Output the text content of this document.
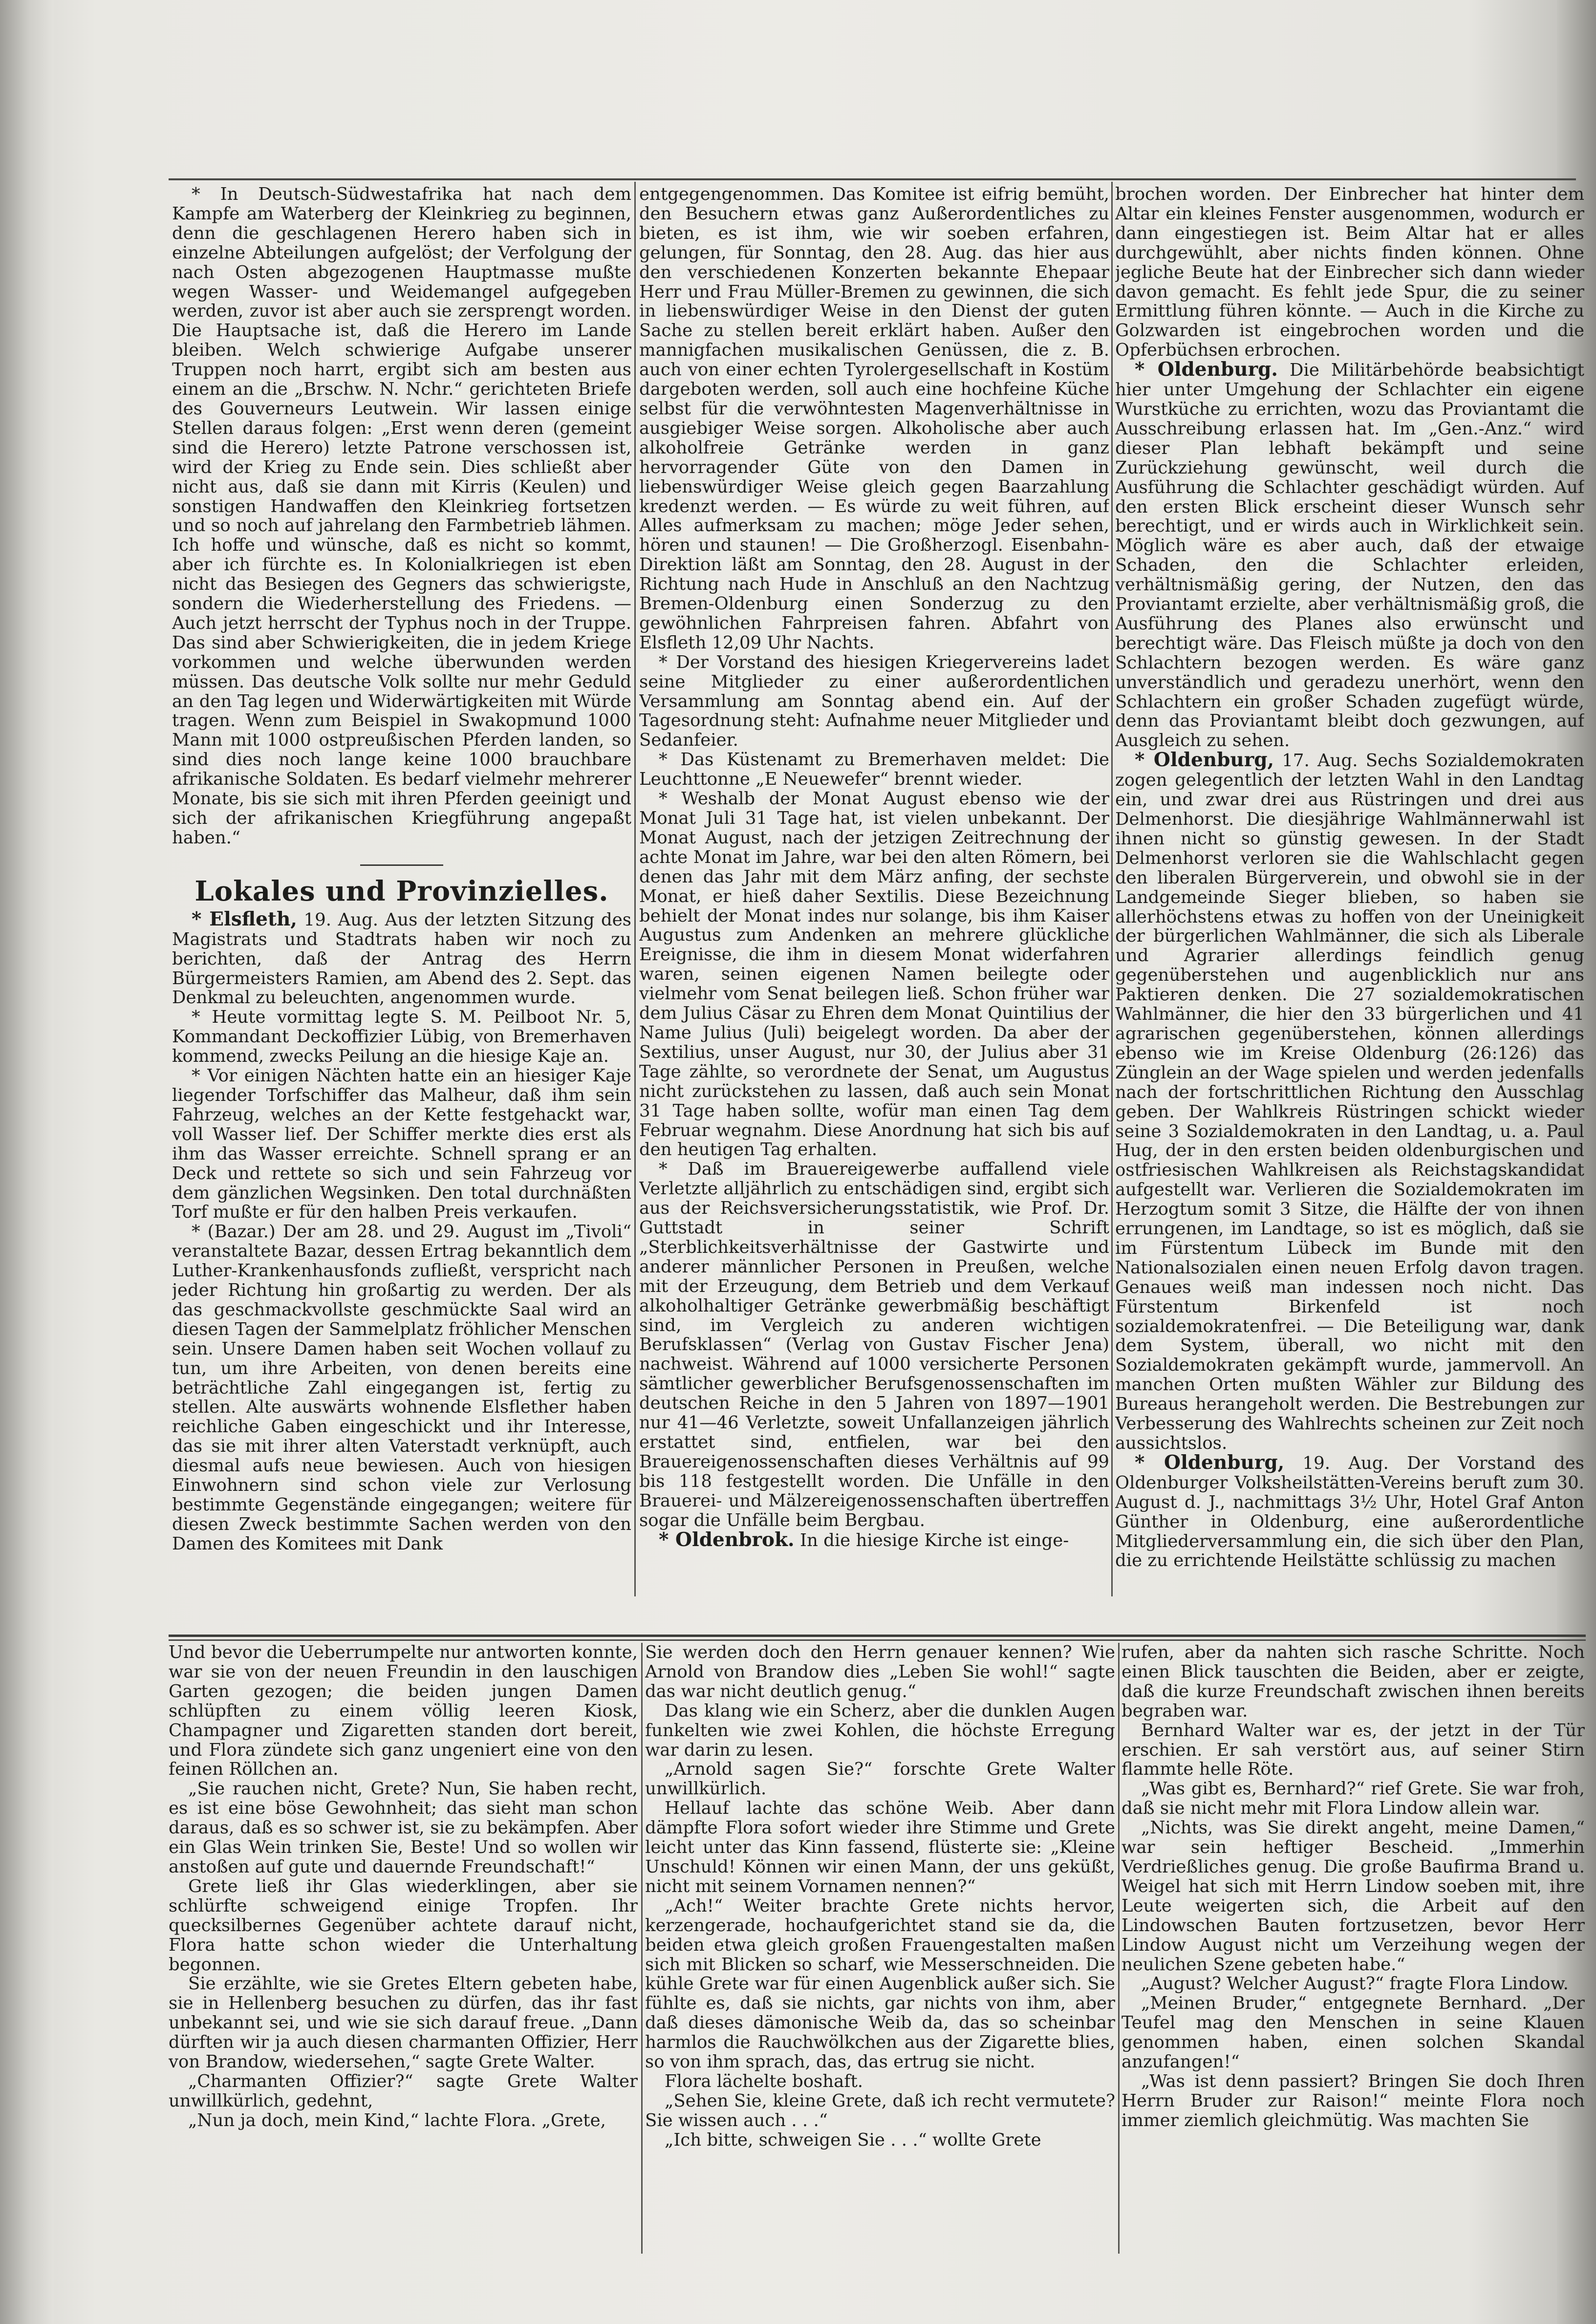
* In Deutsch-Südwestafrika hat nach dem Kampfe am Waterberg der Kleinkrieg zu beginnen, denn die geschlagenen Herero haben sich in einzelne Abteilungen aufgelöst; der Verfolgung der nach Osten abgezogenen Hauptmasse mußte wegen Wasser- und Weidemangel aufgegeben werden, zuvor ist aber auch sie zersprengt worden. Die Hauptsache ist, daß die Herero im Lande bleiben. Welch schwierige Aufgabe unserer Truppen noch harrt, ergibt sich am besten aus einem an die „Brschw. N. Nchr.“ gerichteten Briefe des Gouverneurs Leutwein. Wir lassen einige Stellen daraus folgen: „Erst wenn deren (gemeint sind die Herero) letzte Patrone verschossen ist, wird der Krieg zu Ende sein. Dies schließt aber nicht aus, daß sie dann mit Kirris (Keulen) und sonstigen Handwaffen den Kleinkrieg fortsetzen und so noch auf jahrelang den Farmbetrieb lähmen. Ich hoffe und wünsche, daß es nicht so kommt, aber ich fürchte es. In Kolonialkriegen ist eben nicht das Besiegen des Gegners das schwierigste, sondern die Wiederherstellung des Friedens. — Auch jetzt herrscht der Typhus noch in der Truppe. Das sind aber Schwierigkeiten, die in jedem Kriege vorkommen und welche überwunden werden müssen. Das deutsche Volk sollte nur mehr Geduld an den Tag legen und Widerwärtigkeiten mit Würde tragen. Wenn zum Beispiel in Swakopmund 1000 Mann mit 1000 ostpreußischen Pferden landen, so sind dies noch lange keine 1000 brauchbare afrikanische Soldaten. Es bedarf vielmehr mehrerer Monate, bis sie sich mit ihren Pferden geeinigt und sich der afrikanischen Kriegführung angepaßt haben.“

Lokales und Provinzielles.

* Elsfleth, 19. Aug. Aus der letzten Sitzung des Magistrats und Stadtrats haben wir noch zu berichten, daß der Antrag des Herrn Bürgermeisters Ramien, am Abend des 2. Sept. das Denkmal zu beleuchten, angenommen wurde.

* Heute vormittag legte S. M. Peilboot Nr. 5, Kommandant Deckoffizier Lübig, von Bremerhaven kommend, zwecks Peilung an die hiesige Kaje an.

* Vor einigen Nächten hatte ein an hiesiger Kaje liegender Torfschiffer das Malheur, daß ihm sein Fahrzeug, welches an der Kette festgehackt war, voll Wasser lief. Der Schiffer merkte dies erst als ihm das Wasser erreichte. Schnell sprang er an Deck und rettete so sich und sein Fahrzeug vor dem gänzlichen Wegsinken. Den total durchnäßten Torf mußte er für den halben Preis verkaufen.

* (Bazar.) Der am 28. und 29. August im „Tivoli“ veranstaltete Bazar, dessen Ertrag bekanntlich dem Luther-Krankenhausfonds zufließt, verspricht nach jeder Richtung hin großartig zu werden. Der als das geschmackvollste geschmückte Saal wird an diesen Tagen der Sammelplatz fröhlicher Menschen sein. Unsere Damen haben seit Wochen vollauf zu tun, um ihre Arbeiten, von denen bereits eine beträchtliche Zahl eingegangen ist, fertig zu stellen. Alte auswärts wohnende Elsflether haben reichliche Gaben eingeschickt und ihr Interesse, das sie mit ihrer alten Vaterstadt verknüpft, auch diesmal aufs neue bewiesen. Auch von hiesigen Einwohnern sind schon viele zur Verlosung bestimmte Gegenstände eingegangen; weitere für diesen Zweck bestimmte Sachen werden von den Damen des Komitees mit Dank

entgegengenommen. Das Komitee ist eifrig bemüht, den Besuchern etwas ganz Außerordentliches zu bieten, es ist ihm, wie wir soeben erfahren, gelungen, für Sonntag, den 28. Aug. das hier aus den verschiedenen Konzerten bekannte Ehepaar Herr und Frau Müller-Bremen zu gewinnen, die sich in liebenswürdiger Weise in den Dienst der guten Sache zu stellen bereit erklärt haben. Außer den mannigfachen musikalischen Genüssen, die z. B. auch von einer echten Tyrolergesellschaft in Kostüm dargeboten werden, soll auch eine hochfeine Küche selbst für die verwöhntesten Magenverhältnisse in ausgiebiger Weise sorgen. Alkoholische aber auch alkoholfreie Getränke werden in ganz hervorragender Güte von den Damen in liebenswürdiger Weise gleich gegen Baarzahlung kredenzt werden. — Es würde zu weit führen, auf Alles aufmerksam zu machen; möge Jeder sehen, hören und staunen! — Die Großherzogl. Eisenbahn-Direktion läßt am Sonntag, den 28. August in der Richtung nach Hude in Anschluß an den Nachtzug Bremen-Oldenburg einen Sonderzug zu den gewöhnlichen Fahrpreisen fahren. Abfahrt von Elsfleth 12,09 Uhr Nachts.

* Der Vorstand des hiesigen Kriegervereins ladet seine Mitglieder zu einer außerordentlichen Versammlung am Sonntag abend ein. Auf der Tagesordnung steht: Aufnahme neuer Mitglieder und Sedanfeier.

* Das Küstenamt zu Bremerhaven meldet: Die Leuchttonne „E Neuewefer“ brennt wieder.

* Weshalb der Monat August ebenso wie der Monat Juli 31 Tage hat, ist vielen unbekannt. Der Monat August, nach der jetzigen Zeitrechnung der achte Monat im Jahre, war bei den alten Römern, bei denen das Jahr mit dem März anfing, der sechste Monat, er hieß daher Sextilis. Diese Bezeichnung behielt der Monat indes nur solange, bis ihm Kaiser Augustus zum Andenken an mehrere glückliche Ereignisse, die ihm in diesem Monat widerfahren waren, seinen eigenen Namen beilegte oder vielmehr vom Senat beilegen ließ. Schon früher war dem Julius Cäsar zu Ehren dem Monat Quintilius der Name Julius (Juli) beigelegt worden. Da aber der Sextilius, unser August, nur 30, der Julius aber 31 Tage zählte, so verordnete der Senat, um Augustus nicht zurückstehen zu lassen, daß auch sein Monat 31 Tage haben sollte, wofür man einen Tag dem Februar wegnahm. Diese Anordnung hat sich bis auf den heutigen Tag erhalten.

* Daß im Brauereigewerbe auffallend viele Verletzte alljährlich zu entschädigen sind, ergibt sich aus der Reichsversicherungsstatistik, wie Prof. Dr. Guttstadt in seiner Schrift „Sterblichkeitsverhältnisse der Gastwirte und anderer männlicher Personen in Preußen, welche mit der Erzeugung, dem Betrieb und dem Verkauf alkoholhaltiger Getränke gewerbmäßig beschäftigt sind, im Vergleich zu anderen wichtigen Berufsklassen“ (Verlag von Gustav Fischer Jena) nachweist. Während auf 1000 versicherte Personen sämtlicher gewerblicher Berufsgenossenschaften im deutschen Reiche in den 5 Jahren von 1897—1901 nur 41—46 Verletzte, soweit Unfallanzeigen jährlich erstattet sind, entfielen, war bei den Brauereigenossenschaften dieses Verhältnis auf 99 bis 118 festgestellt worden. Die Unfälle in den Brauerei- und Mälzereigenossenschaften übertreffen sogar die Unfälle beim Bergbau.

* Oldenbrok. In die hiesige Kirche ist einge-

brochen worden. Der Einbrecher hat hinter dem Altar ein kleines Fenster ausgenommen, wodurch er dann eingestiegen ist. Beim Altar hat er alles durchgewühlt, aber nichts finden können. Ohne jegliche Beute hat der Einbrecher sich dann wieder davon gemacht. Es fehlt jede Spur, die zu seiner Ermittlung führen könnte. — Auch in die Kirche zu Golzwarden ist eingebrochen worden und die Opferbüchsen erbrochen.

* Oldenburg. Die Militärbehörde beabsichtigt hier unter Umgehung der Schlachter ein eigene Wurstküche zu errichten, wozu das Proviantamt die Ausschreibung erlassen hat. Im „Gen.-Anz.“ wird dieser Plan lebhaft bekämpft und seine Zurückziehung gewünscht, weil durch die Ausführung die Schlachter geschädigt würden. Auf den ersten Blick erscheint dieser Wunsch sehr berechtigt, und er wirds auch in Wirklichkeit sein. Möglich wäre es aber auch, daß der etwaige Schaden, den die Schlachter erleiden, verhältnismäßig gering, der Nutzen, den das Proviantamt erzielte, aber verhältnismäßig groß, die Ausführung des Planes also erwünscht und berechtigt wäre. Das Fleisch müßte ja doch von den Schlachtern bezogen werden. Es wäre ganz unverständlich und geradezu unerhört, wenn den Schlachtern ein großer Schaden zugefügt würde, denn das Proviantamt bleibt doch gezwungen, auf Ausgleich zu sehen.

* Oldenburg, 17. Aug. Sechs Sozialdemokraten zogen gelegentlich der letzten Wahl in den Landtag ein, und zwar drei aus Rüstringen und drei aus Delmenhorst. Die diesjährige Wahlmännerwahl ist ihnen nicht so günstig gewesen. In der Stadt Delmenhorst verloren sie die Wahlschlacht gegen den liberalen Bürgerverein, und obwohl sie in der Landgemeinde Sieger blieben, so haben sie allerhöchstens etwas zu hoffen von der Uneinigkeit der bürgerlichen Wahlmänner, die sich als Liberale und Agrarier allerdings feindlich genug gegenüberstehen und augenblicklich nur ans Paktieren denken. Die 27 sozialdemokratischen Wahlmänner, die hier den 33 bürgerlichen und 41 agrarischen gegenüberstehen, können allerdings ebenso wie im Kreise Oldenburg (26:126) das Zünglein an der Wage spielen und werden jedenfalls nach der fortschrittlichen Richtung den Ausschlag geben. Der Wahlkreis Rüstringen schickt wieder seine 3 Sozialdemokraten in den Landtag, u. a. Paul Hug, der in den ersten beiden oldenburgischen und ostfriesischen Wahlkreisen als Reichstagskandidat aufgestellt war. Verlieren die Sozialdemokraten im Herzogtum somit 3 Sitze, die Hälfte der von ihnen errungenen, im Landtage, so ist es möglich, daß sie im Fürstentum Lübeck im Bunde mit den Nationalsozialen einen neuen Erfolg davon tragen. Genaues weiß man indessen noch nicht. Das Fürstentum Birkenfeld ist noch sozialdemokratenfrei. — Die Beteiligung war, dank dem System, überall, wo nicht mit den Sozialdemokraten gekämpft wurde, jammervoll. An manchen Orten mußten Wähler zur Bildung des Bureaus herangeholt werden. Die Bestrebungen zur Verbesserung des Wahlrechts scheinen zur Zeit noch aussichtslos.

* Oldenburg, 19. Aug. Der Vorstand des Oldenburger Volksheilstätten-Vereins beruft zum 30. August d. J., nachmittags 3½ Uhr, Hotel Graf Anton Günther in Oldenburg, eine außerordentliche Mitgliederversammlung ein, die sich über den Plan, die zu errichtende Heilstätte schlüssig zu machen

Und bevor die Ueberrumpelte nur antworten konnte, war sie von der neuen Freundin in den lauschigen Garten gezogen; die beiden jungen Damen schlüpften zu einem völlig leeren Kiosk, Champagner und Zigaretten standen dort bereit, und Flora zündete sich ganz ungeniert eine von den feinen Röllchen an.

„Sie rauchen nicht, Grete? Nun, Sie haben recht, es ist eine böse Gewohnheit; das sieht man schon daraus, daß es so schwer ist, sie zu bekämpfen. Aber ein Glas Wein trinken Sie, Beste! Und so wollen wir anstoßen auf gute und dauernde Freundschaft!“

Grete ließ ihr Glas wiederklingen, aber sie schlürfte schweigend einige Tropfen. Ihr quecksilbernes Gegenüber achtete darauf nicht, Flora hatte schon wieder die Unterhaltung begonnen.

Sie erzählte, wie sie Gretes Eltern gebeten habe, sie in Hellenberg besuchen zu dürfen, das ihr fast unbekannt sei, und wie sie sich darauf freue. „Dann dürften wir ja auch diesen charmanten Offizier, Herr von Brandow, wiedersehen,“ sagte Grete Walter.

„Charmanten Offizier?“ sagte Grete Walter unwillkürlich, gedehnt,

„Nun ja doch, mein Kind,“ lachte Flora. „Grete,

Sie werden doch den Herrn genauer kennen? Wie Arnold von Brandow dies „Leben Sie wohl!“ sagte das war nicht deutlich genug.“

Das klang wie ein Scherz, aber die dunklen Augen funkelten wie zwei Kohlen, die höchste Erregung war darin zu lesen.

„Arnold sagen Sie?“ forschte Grete Walter unwillkürlich.

Hellauf lachte das schöne Weib. Aber dann dämpfte Flora sofort wieder ihre Stimme und Grete leicht unter das Kinn fassend, flüsterte sie: „Kleine Unschuld! Können wir einen Mann, der uns geküßt, nicht mit seinem Vornamen nennen?“

„Ach!“ Weiter brachte Grete nichts hervor, kerzengerade, hochaufgerichtet stand sie da, die beiden etwa gleich großen Frauengestalten maßen sich mit Blicken so scharf, wie Messerschneiden. Die kühle Grete war für einen Augenblick außer sich. Sie fühlte es, daß sie nichts, gar nichts von ihm, aber daß dieses dämonische Weib da, das so scheinbar harmlos die Rauchwölkchen aus der Zigarette blies, so von ihm sprach, das, das ertrug sie nicht.

Flora lächelte boshaft.

„Sehen Sie, kleine Grete, daß ich recht vermutete? Sie wissen auch . . .“

„Ich bitte, schweigen Sie . . .“ wollte Grete

rufen, aber da nahten sich rasche Schritte. Noch einen Blick tauschten die Beiden, aber er zeigte, daß die kurze Freundschaft zwischen ihnen bereits begraben war.

Bernhard Walter war es, der jetzt in der Tür erschien. Er sah verstört aus, auf seiner Stirn flammte helle Röte.

„Was gibt es, Bernhard?“ rief Grete. Sie war froh, daß sie nicht mehr mit Flora Lindow allein war.

„Nichts, was Sie direkt angeht, meine Damen,“ war sein heftiger Bescheid. „Immerhin Verdrießliches genug. Die große Baufirma Brand u. Weigel hat sich mit Herrn Lindow soeben mit, ihre Leute weigerten sich, die Arbeit auf den Lindowschen Bauten fortzusetzen, bevor Herr Lindow August nicht um Verzeihung wegen der neulichen Szene gebeten habe.“

„August? Welcher August?“ fragte Flora Lindow.

„Meinen Bruder,“ entgegnete Bernhard. „Der Teufel mag den Menschen in seine Klauen genommen haben, einen solchen Skandal anzufangen!“

„Was ist denn passiert? Bringen Sie doch Ihren Herrn Bruder zur Raison!“ meinte Flora noch immer ziemlich gleichmütig. Was machten Sie
